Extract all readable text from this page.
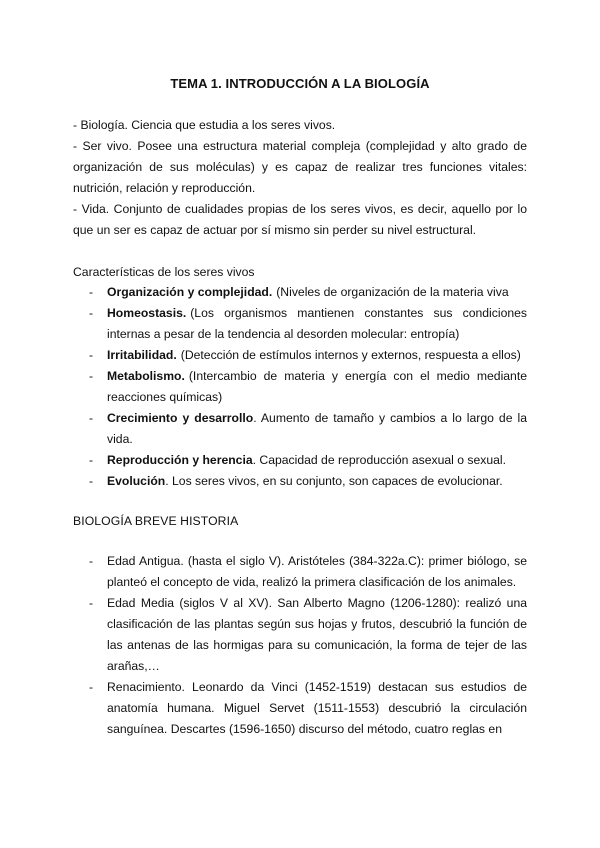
TEMA 1. INTRODUCCIÓN A LA BIOLOGÍA

- Biología. Ciencia que estudia a los seres vivos.

- Ser vivo. Posee una estructura material compleja (complejidad y alto grado de organización de sus moléculas) y es capaz de realizar tres funciones vitales: nutrición, relación y reproducción.

- Vida. Conjunto de cualidades propias de los seres vivos, es decir, aquello por lo que un ser es capaz de actuar por sí mismo sin perder su nivel estructural.

Características de los seres vivos
- Organización y complejidad. (Niveles de organización de la materia viva
- Homeostasis. (Los organismos mantienen constantes sus condiciones internas a pesar de la tendencia al desorden molecular: entropía)
- Irritabilidad. (Detección de estímulos internos y externos, respuesta a ellos)
- Metabolismo. (Intercambio de materia y energía con el medio mediante reacciones químicas)
- Crecimiento y desarrollo. Aumento de tamaño y cambios a lo largo de la vida.
- Reproducción y herencia. Capacidad de reproducción asexual o sexual.
- Evolución. Los seres vivos, en su conjunto, son capaces de evolucionar.
BIOLOGÍA BREVE HISTORIA
- Edad Antigua. (hasta el siglo V). Aristóteles (384-322a.C): primer biólogo, se planteó el concepto de vida, realizó la primera clasificación de los animales.
- Edad Media (siglos V al XV). San Alberto Magno (1206-1280): realizó una clasificación de las plantas según sus hojas y frutos, descubrió la función de las antenas de las hormigas para su comunicación, la forma de tejer de las arañas,…
- Renacimiento. Leonardo da Vinci (1452-1519) destacan sus estudios de anatomía humana. Miguel Servet (1511-1553) descubrió la circulación sanguínea. Descartes (1596-1650) discurso del método, cuatro reglas en
